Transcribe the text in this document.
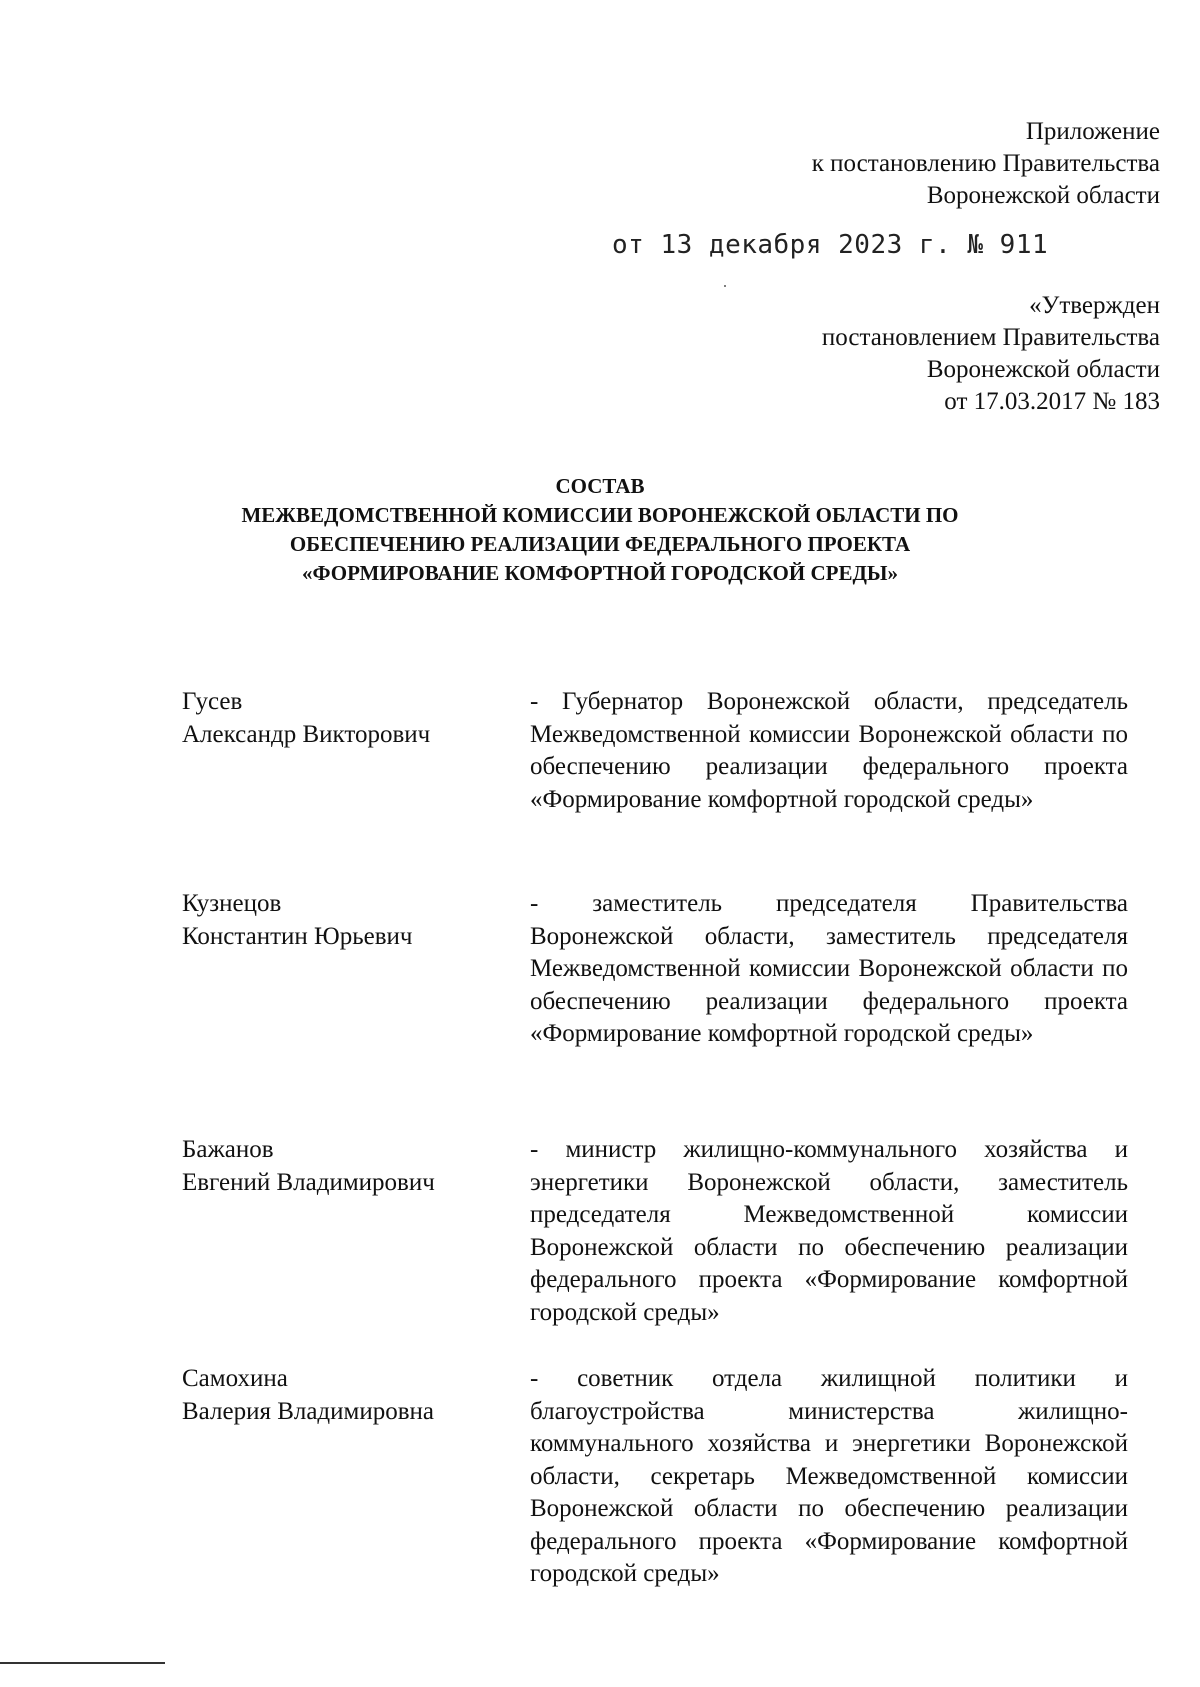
Приложение
к постановлению Правительства
Воронежской области
от 13 декабря 2023 г. № 911
«Утвержден
постановлением Правительства
Воронежской области
от 17.03.2017 № 183
СОСТАВ
МЕЖВЕДОМСТВЕННОЙ КОМИССИИ ВОРОНЕЖСКОЙ ОБЛАСТИ ПО
ОБЕСПЕЧЕНИЮ РЕАЛИЗАЦИИ ФЕДЕРАЛЬНОГО ПРОЕКТА
«ФОРМИРОВАНИЕ КОМФОРТНОЙ ГОРОДСКОЙ СРЕДЫ»
Гусев
Александр Викторович
- Губернатор Воронежской области, председатель Межведомственной комиссии Воронежской области по обеспечению реализации федерального проекта «Формирование комфортной городской среды»
Кузнецов
Константин Юрьевич
- заместитель председателя Правительства Воронежской области, заместитель председателя Межведомственной комиссии Воронежской области по обеспечению реализации федерального проекта «Формирование комфортной городской среды»
Бажанов
Евгений Владимирович
- министр жилищно-коммунального хозяйства и энергетики Воронежской области, заместитель председателя Межведомственной комиссии Воронежской области по обеспечению реализации федерального проекта «Формирование комфортной городской среды»
Самохина
Валерия Владимировна
- советник отдела жилищной политики и благоустройства министерства жилищно-коммунального хозяйства и энергетики Воронежской области, секретарь Межведомственной комиссии Воронежской области по обеспечению реализации федерального проекта «Формирование комфортной городской среды»
